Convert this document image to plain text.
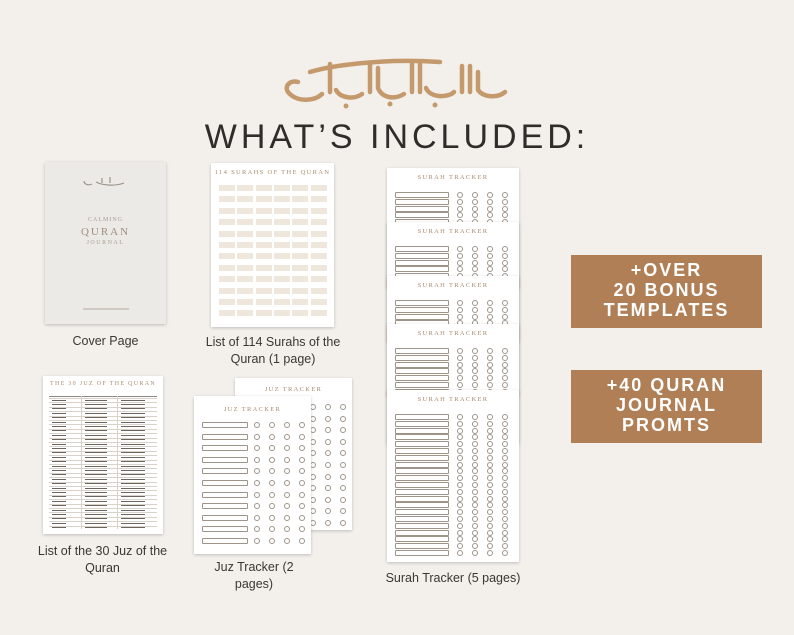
WHAT’S INCLUDED:
CALMING
QURAN
JOURNAL
Cover Page
114 SURAHS OF THE QURAN
List of 114 Surahs of the
Quran (1 page)
THE 30 JUZ OF THE QURAN
List of the 30 Juz of the
Quran
JUZ TRACKER
JUZ TRACKER
Juz Tracker (2 pages)
SURAH TRACKER
SURAH TRACKER
SURAH TRACKER
SURAH TRACKER
SURAH TRACKER
Surah Tracker (5 pages)
+OVER
20 BONUS
TEMPLATES
+40 QURAN
JOURNAL
PROMTS
